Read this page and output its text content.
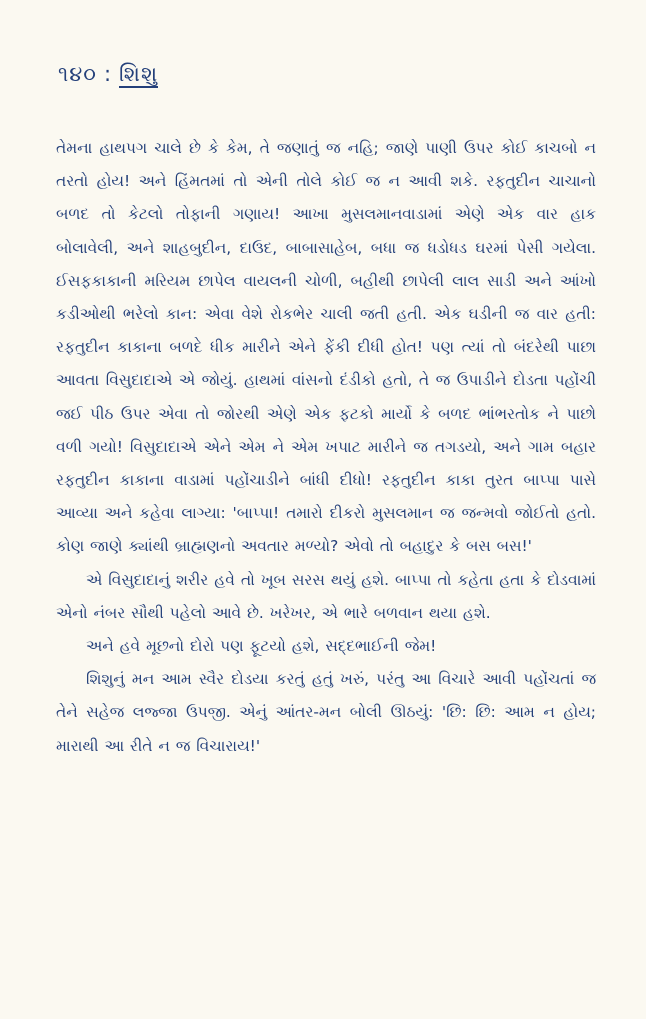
૧૪૦ : શિશુ

તેમના હાથપગ ચાલે છે કે કેમ, તે જણાતું જ નહિ; જાણે પાણી ઉપર કોઈ કાચબો ન તરતો હોય! અને હિંમતમાં તો એની તોલે કોઈ જ ન આવી શકે. રફતુદીન ચાચાનો બળદ તો કેટલો તોફાની ગણાય! આખા મુસલમાનવાડામાં એણે એક વાર હાક બોલાવેલી, અને શાહબુદીન, દાઉદ, બાબાસાહેબ, બધા જ ધડોધડ ઘરમાં પેસી ગયેલા. ઈસફકાકાની મરિયમ છાપેલ વાયલની ચોળી, બહીથી છાપેલી લાલ સાડી અને આંખો કડીઓથી ભરેલો કાન: એવા વેશે રોકભેર ચાલી જતી હતી. એક ઘડીની જ વાર હતી: રફતુદીન કાકાના બળદે ધીક મારીને એને ફેંકી દીધી હોત! પણ ત્યાં તો બંદરેથી પાછા આવતા વિસુદાદાએ એ જોયું. હાથમાં વાંસનો દંડીકો હતો, તે જ ઉપાડીને દોડતા પહોંચી જઈ પીઠ ઉપર એવા તો જોરથી એણે એક ફટકો માર્યો કે બળદ ભાંભરતોક ને પાછો વળી ગયો! વિસુદાદાએ એને એમ ને એમ ખપાટ મારીને જ તગડયો, અને ગામ બહાર રફતુદીન કાકાના વાડામાં પહોંચાડીને બાંધી દીધો! રફતુદીન કાકા તુરત બાપ્પા પાસે આવ્યા અને કહેવા લાગ્યા: 'બાપ્પા! તમારો દીકરો મુસલમાન જ જન્મવો જોઈતો હતો. કોણ જાણે ક્યાંથી બ્રાહ્મણનો અવતાર મળ્યો? એવો તો બહાદુર કે બસ બસ!'

એ વિસુદાદાનું શરીર હવે તો ખૂબ સરસ થયું હશે. બાપ્પા તો કહેતા હતા કે દોડવામાં એનો નંબર સૌથી પહેલો આવે છે. ખરેખર, એ ભારે બળવાન થયા હશે.

અને હવે મૂછનો દોરો પણ ફૂટયો હશે, સદ્દભાઈની જેમ!

શિશુનું મન આમ સ્વૈર દોડયા કરતું હતું ખરું, પરંતુ આ વિચારે આવી પહોંચતાં જ તેને સહેજ લજ્જા ઉપજી. એનું આંતર-મન બોલી ઊઠયું: 'છિ: છિ: આમ ન હોય; મારાથી આ રીતે ન જ વિચારાય!'
